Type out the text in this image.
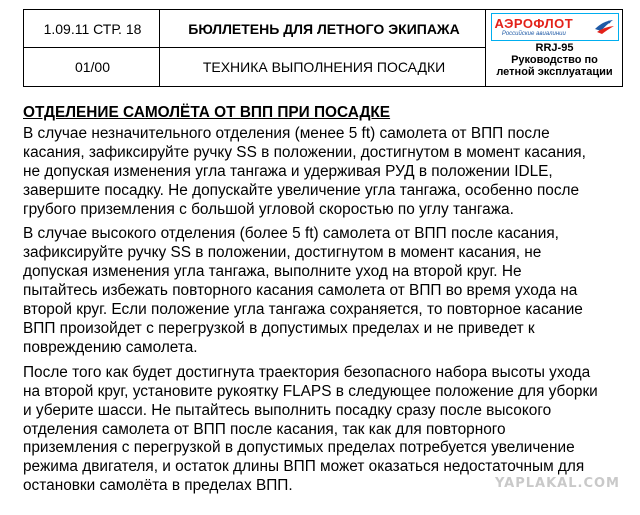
1.09.11 СТР. 18
01/00
БЮЛЛЕТЕНЬ ДЛЯ ЛЕТНОГО ЭКИПАЖА
ТЕХНИКА ВЫПОЛНЕНИЯ ПОСАДКИ
АЭРОФЛОТ
Российские авиалинии
RRJ-95
Руководство по
летной эксплуатации
ОТДЕЛЕНИЕ САМОЛЁТА ОТ ВПП ПРИ ПОСАДКЕ
В случае незначительного отделения (менее 5 ft) самолета от ВПП после
касания, зафиксируйте ручку SS в положении, достигнутом в момент касания,
не допуская изменения угла тангажа и удерживая РУД в положении IDLE,
завершите посадку. Не допускайте увеличение угла тангажа, особенно после
грубого приземления с большой угловой скоростью по углу тангажа.
В случае высокого отделения (более 5 ft) самолета от ВПП после касания,
зафиксируйте ручку SS в положении, достигнутом в момент касания, не
допуская изменения угла тангажа, выполните уход на второй круг. Не
пытайтесь избежать повторного касания самолета от ВПП во время ухода на
второй круг. Если положение угла тангажа сохраняется, то повторное касание
ВПП произойдет с перегрузкой в допустимых пределах и не приведет к
повреждению самолета.
После того как будет достигнута траектория безопасного набора высоты ухода
на второй круг, установите рукоятку FLAPS в следующее положение для уборки
и уберите шасси. Не пытайтесь выполнить посадку сразу после высокого
отделения самолета от ВПП после касания, так как для повторного
приземления с перегрузкой в допустимых пределах потребуется увеличение
режима двигателя, и остаток длины ВПП может оказаться недостаточным для
остановки самолёта в пределах ВПП.	YAPLAKAL.COM
